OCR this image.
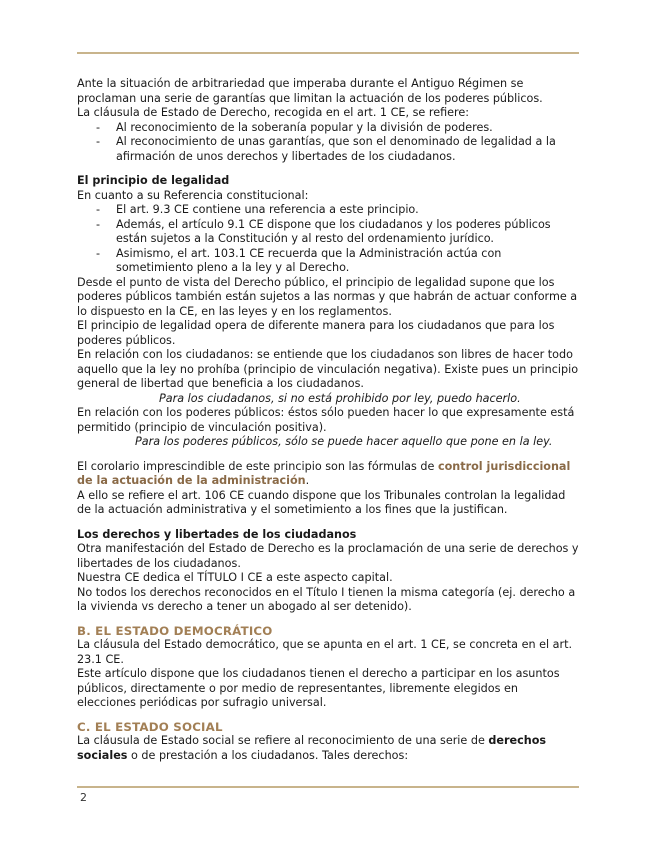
Ante la situación de arbitrariedad que imperaba durante el Antiguo Régimen se proclaman una serie de garantías que limitan la actuación de los poderes públicos.

La cláusula de Estado de Derecho, recogida en el art. 1 CE, se refiere:

- Al reconocimiento de la soberanía popular y la división de poderes.
- Al reconocimiento de unas garantías, que son el denominado de legalidad a la afirmación de unos derechos y libertades de los ciudadanos.

El principio de legalidad

En cuanto a su Referencia constitucional:

- El art. 9.3 CE contiene una referencia a este principio.
- Además, el artículo 9.1 CE dispone que los ciudadanos y los poderes públicos están sujetos a la Constitución y al resto del ordenamiento jurídico.
- Asimismo, el art. 103.1 CE recuerda que la Administración actúa con sometimiento pleno a la ley y al Derecho.

Desde el punto de vista del Derecho público, el principio de legalidad supone que los poderes públicos también están sujetos a las normas y que habrán de actuar conforme a lo dispuesto en la CE, en las leyes y en los reglamentos.

El principio de legalidad opera de diferente manera para los ciudadanos que para los poderes públicos.

En relación con los ciudadanos: se entiende que los ciudadanos son libres de hacer todo aquello que la ley no prohíba (principio de vinculación negativa). Existe pues un principio general de libertad que beneficia a los ciudadanos.

Para los ciudadanos, si no está prohibido por ley, puedo hacerlo.

En relación con los poderes públicos: éstos sólo pueden hacer lo que expresamente está permitido (principio de vinculación positiva).

Para los poderes públicos, sólo se puede hacer aquello que pone en la ley.

El corolario imprescindible de este principio son las fórmulas de control jurisdiccional de la actuación de la administración.

A ello se refiere el art. 106 CE cuando dispone que los Tribunales controlan la legalidad de la actuación administrativa y el sometimiento a los fines que la justifican.

Los derechos y libertades de los ciudadanos

Otra manifestación del Estado de Derecho es la proclamación de una serie de derechos y libertades de los ciudadanos.

Nuestra CE dedica el TÍTULO I CE a este aspecto capital.

No todos los derechos reconocidos en el Título I tienen la misma categoría (ej. derecho a la vivienda vs derecho a tener un abogado al ser detenido).

B. EL ESTADO DEMOCRÁTICO

La cláusula del Estado democrático, que se apunta en el art. 1 CE, se concreta en el art. 23.1 CE.

Este artículo dispone que los ciudadanos tienen el derecho a participar en los asuntos públicos, directamente o por medio de representantes, libremente elegidos en elecciones periódicas por sufragio universal.

C. EL ESTADO SOCIAL

La cláusula de Estado social se refiere al reconocimiento de una serie de derechos sociales o de prestación a los ciudadanos. Tales derechos:

2
